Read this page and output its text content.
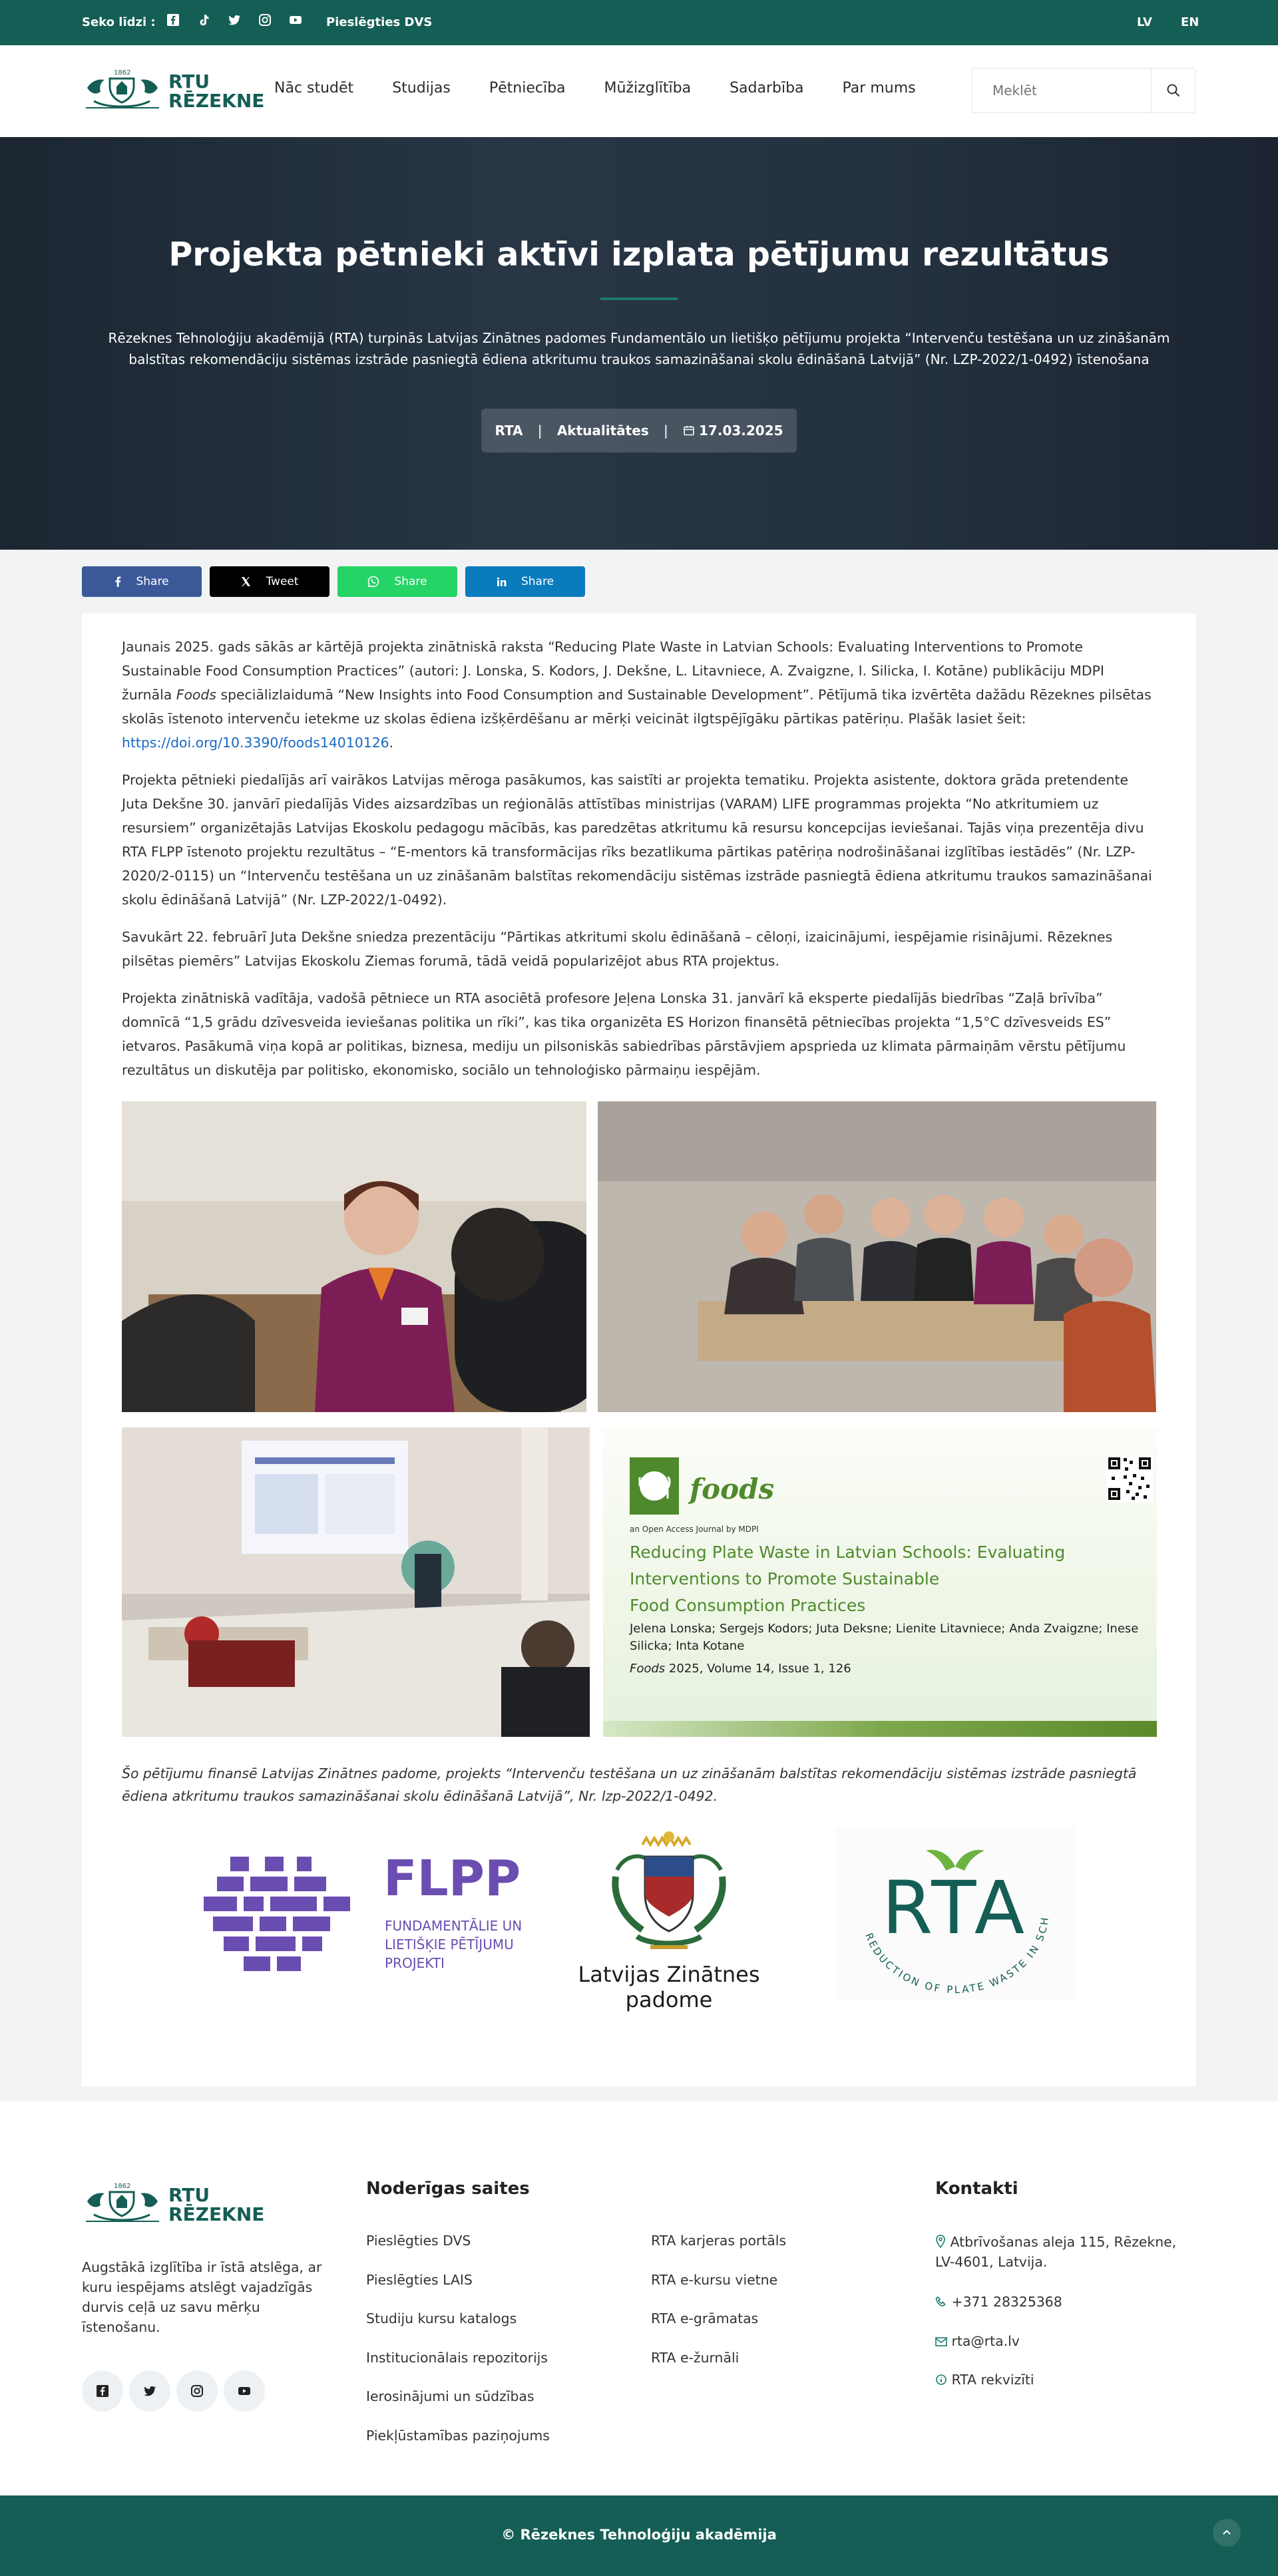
Seko līdzi :	Pieslēgties DVS	LV EN
1862 RTU
RĒZEKNE
Nāc studēt	Studijas	Pētniecība	Mūžizglītība	Sadarbība	Par mums
Meklēt
Projekta pētnieki aktīvi izplata pētījumu rezultātus
Rēzeknes Tehnoloģiju akadēmijā (RTA) turpinās Latvijas Zinātnes padomes Fundamentālo un lietišķo pētījumu projekta “Intervenču testēšana un uz zināšanām balstītas rekomendāciju sistēmas izstrāde pasniegtā ēdiena atkritumu traukos samazināšanai skolu ēdināšanā Latvijā” (Nr. LZP-2022/1-0492) īstenošana
RTA | Aktualitātes | 17.03.2025
Share	Tweet	Share	Share

Jaunais 2025. gads sākās ar kārtējā projekta zinātniskā raksta “Reducing Plate Waste in Latvian Schools: Evaluating Interventions to Promote Sustainable Food Consumption Practices” (autori: J. Lonska, S. Kodors, J. Dekšne, L. Litavniece, A. Zvaigzne, I. Silicka, I. Kotāne) publikāciju MDPI žurnāla Foods speciālizlaidumā “New Insights into Food Consumption and Sustainable Development”. Pētījumā tika izvērtēta dažādu Rēzeknes pilsētas skolās īstenoto intervenču ietekme uz skolas ēdiena izšķērdēšanu ar mērķi veicināt ilgtspējīgāku pārtikas patēriņu. Plašāk lasiet šeit: https://doi.org/10.3390/foods14010126.

Projekta pētnieki piedalījās arī vairākos Latvijas mēroga pasākumos, kas saistīti ar projekta tematiku. Projekta asistente, doktora grāda pretendente Juta Dekšne 30. janvārī piedalījās Vides aizsardzības un reģionālās attīstības ministrijas (VARAM) LIFE programmas projekta “No atkritumiem uz resursiem” organizētajās Latvijas Ekoskolu pedagogu mācībās, kas paredzētas atkritumu kā resursu koncepcijas ieviešanai. Tajās viņa prezentēja divu RTA FLPP īstenoto projektu rezultātus – “E-mentors kā transformācijas rīks bezatlikuma pārtikas patēriņa nodrošināšanai izglītības iestādēs” (Nr. LZP-2020/2-0115) un “Intervenču testēšana un uz zināšanām balstītas rekomendāciju sistēmas izstrāde pasniegtā ēdiena atkritumu traukos samazināšanai skolu ēdināšanā Latvijā” (Nr. LZP-2022/1-0492).

Savukārt 22. februārī Juta Dekšne sniedza prezentāciju “Pārtikas atkritumi skolu ēdināšanā – cēloņi, izaicinājumi, iespējamie risinājumi. Rēzeknes pilsētas piemērs” Latvijas Ekoskolu Ziemas forumā, tādā veidā popularizējot abus RTA projektus.

Projekta zinātniskā vadītāja, vadošā pētniece un RTA asociētā profesore Jeļena Lonska 31. janvārī kā eksperte piedalījās biedrības “Zaļā brīvība” domnīcā “1,5 grādu dzīvesveida ieviešanas politika un rīki”, kas tika organizēta ES Horizon finansētā pētniecības projekta “1,5°C dzīvesveids ES” ietvaros. Pasākumā viņa kopā ar politikas, biznesa, mediju un pilsoniskās sabiedrības pārstāvjiem apsprieda uz klimata pārmaiņām vērstu pētījumu rezultātus un diskutēja par politisko, ekonomisko, sociālo un tehnoloģisko pārmaiņu iespējām.

foods
an Open Access Journal by MDPI
Reducing Plate Waste in Latvian Schools: Evaluating
Interventions to Promote Sustainable
Food Consumption Practices
Jelena Lonska; Sergejs Kodors; Juta Deksne; Lienite Litavniece; Anda Zvaigzne; Inese
Silicka; Inta Kotane
Foods 2025, Volume 14, Issue 1, 126
Šo pētījumu finansē Latvijas Zinātnes padome, projekts “Intervenču testēšana un uz zināšanām balstītas rekomendāciju sistēmas izstrāde pasniegtā ēdiena atkritumu traukos samazināšanai skolu ēdināšanā Latvijā”, Nr. lzp-2022/1-0492.
FLPP
FUNDAMENTĀLIE UN
LIETIŠĶIE PĒTĪJUMU
PROJEKTI	Latvijas Zinātnes padome
REDUCTION OF PLATE WASTE IN SCH
RTA
1862 RTU
RĒZEKNE
Augstākā izglītība ir īstā atslēga, ar kuru iespējams atslēgt vajadzīgās durvis ceļā uz savu mērķu īstenošanu.
Noderīgas saites
Pieslēgties DVS
Pieslēgties LAIS
Studiju kursu katalogs
Institucionālais repozitorijs
Ierosinājumi un sūdzības
Piekļūstamības paziņojums
RTA karjeras portāls
RTA e-kursu vietne
RTA e-grāmatas
RTA e-žurnāli
Kontakti
Atbrīvošanas aleja 115, Rēzekne,
LV-4601, Latvija.
+371 28325368
rta@rta.lv
RTA rekvizīti
© Rēzeknes Tehnoloģiju akadēmija
